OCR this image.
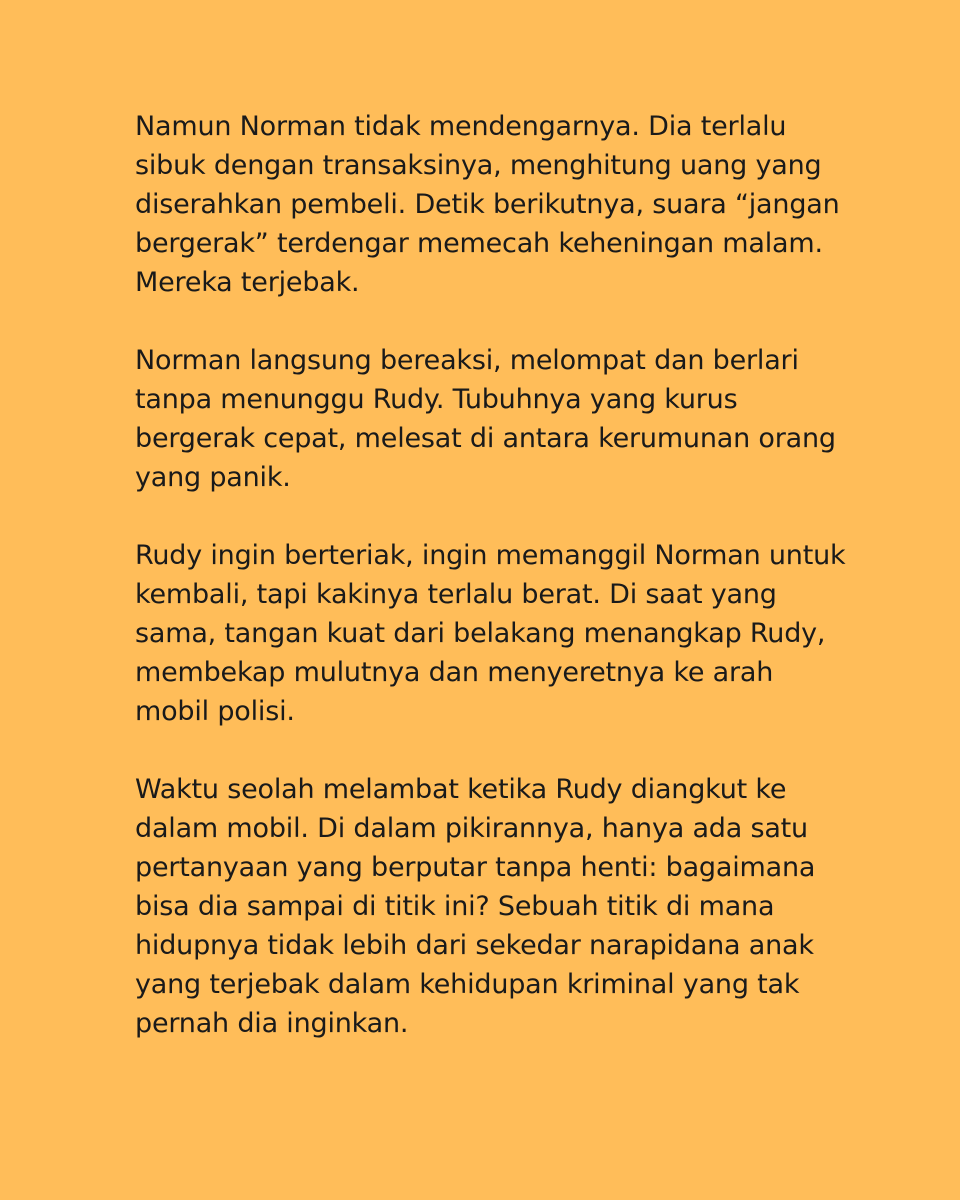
Namun Norman tidak mendengarnya. Dia terlalu
sibuk dengan transaksinya, menghitung uang yang
diserahkan pembeli. Detik berikutnya, suara “jangan
bergerak” terdengar memecah keheningan malam.
Mereka terjebak.

Norman langsung bereaksi, melompat dan berlari
tanpa menunggu Rudy. Tubuhnya yang kurus
bergerak cepat, melesat di antara kerumunan orang
yang panik.

Rudy ingin berteriak, ingin memanggil Norman untuk
kembali, tapi kakinya terlalu berat. Di saat yang
sama, tangan kuat dari belakang menangkap Rudy,
membekap mulutnya dan menyeretnya ke arah
mobil polisi.

Waktu seolah melambat ketika Rudy diangkut ke
dalam mobil. Di dalam pikirannya, hanya ada satu
pertanyaan yang berputar tanpa henti: bagaimana
bisa dia sampai di titik ini? Sebuah titik di mana
hidupnya tidak lebih dari sekedar narapidana anak
yang terjebak dalam kehidupan kriminal yang tak
pernah dia inginkan.
